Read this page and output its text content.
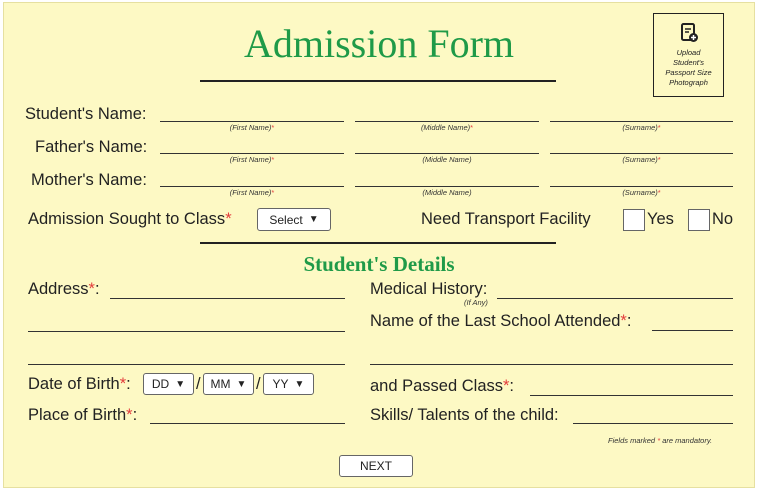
Admission Form	Upload
Student's
Passport Size
Photograph
Student's Name:
(First Name)*	(Middle Name)*	(Surname)*
Father's Name:
(First Name)*	(Middle Name)	(Surname)*
Mother's Name:
(First Name)*	(Middle Name)	(Surname)*
Admission Sought to Class*	Select ▼	Need Transport Facility	Yes No
Student's Details
Address*:	Medical History:
(If Any)
Name of the Last School Attended*:
Date of Birth*: DD ▼ / MM ▼ / YY ▼	and Passed Class*:
Place of Birth*:	Skills/ Talents of the child:
Fields marked * are mandatory.
NEXT
